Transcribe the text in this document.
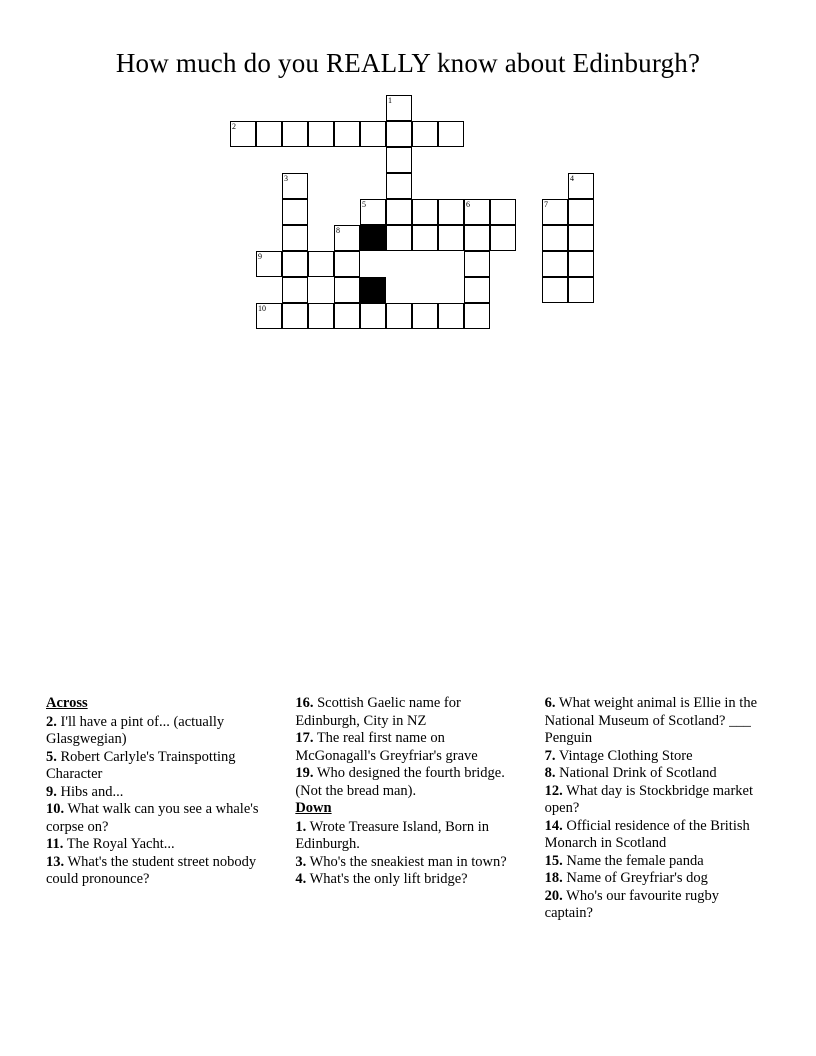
How much do you REALLY know about Edinburgh?
1
2
3	4
5	6	7
8
9
10
Across

2. I'll have a pint of... (actually Glasgwegian)

5. Robert Carlyle's Trainspotting Character

9. Hibs and...

10. What walk can you see a whale's corpse on?

11. The Royal Yacht...

13. What's the student street nobody could pronounce?

16. Scottish Gaelic name for Edinburgh, City in NZ

17. The real first name on McGonagall's Greyfriar's grave

19. Who designed the fourth bridge. (Not the bread man).

Down

1. Wrote Treasure Island, Born in Edinburgh.

3. Who's the sneakiest man in town?

4. What's the only lift bridge?

6. What weight animal is Ellie in the National Museum of Scotland? ___ Penguin

7. Vintage Clothing Store

8. National Drink of Scotland

12. What day is Stockbridge market open?

14. Official residence of the British Monarch in Scotland

15. Name the female panda

18. Name of Greyfriar's dog

20. Who's our favourite rugby captain?
